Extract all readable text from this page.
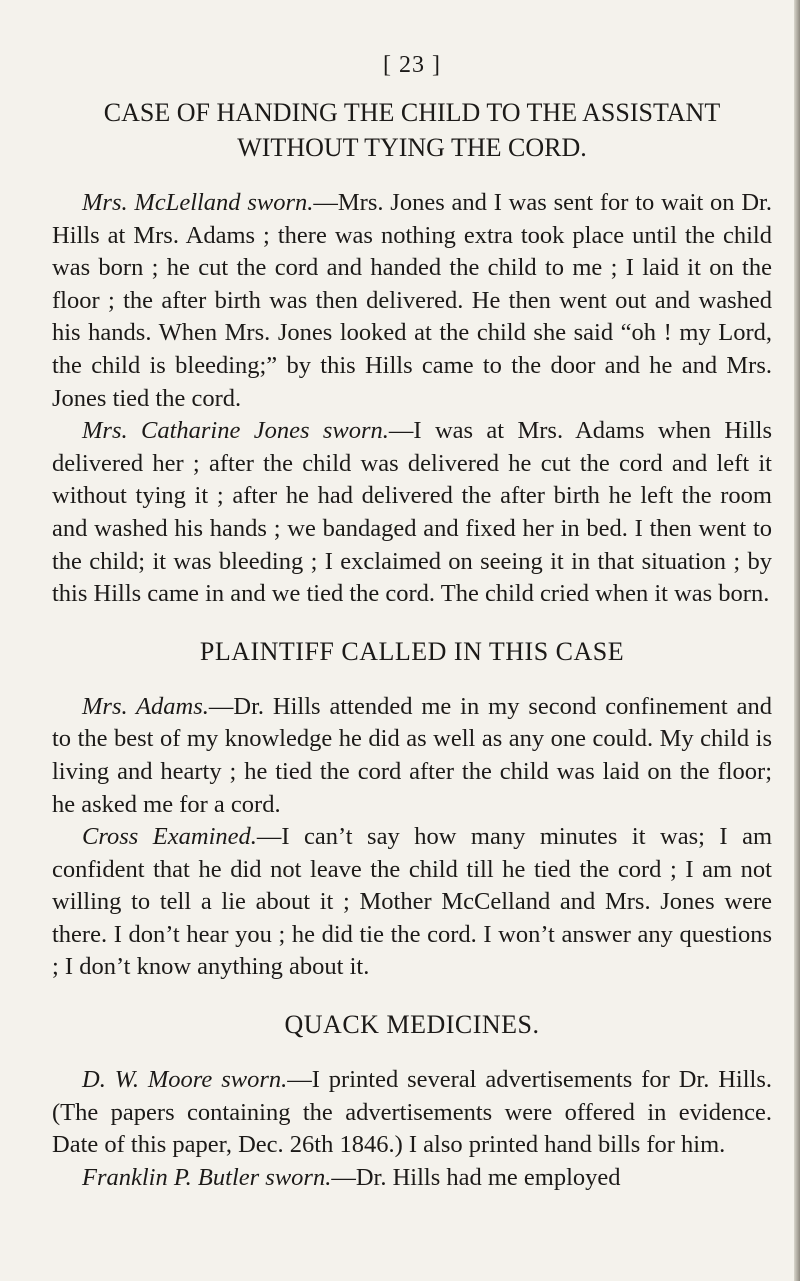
[ 23 ]
CASE OF HANDING THE CHILD TO THE ASSISTANT WITHOUT TYING THE CORD.

Mrs. McLelland sworn.—Mrs. Jones and I was sent for to wait on Dr. Hills at Mrs. Adams ; there was nothing extra took place until the child was born ; he cut the cord and handed the child to me ; I laid it on the floor ; the after birth was then delivered. He then went out and washed his hands. When Mrs. Jones looked at the child she said “oh ! my Lord, the child is bleeding;” by this Hills came to the door and he and Mrs. Jones tied the cord.

Mrs. Catharine Jones sworn.—I was at Mrs. Adams when Hills delivered her ; after the child was delivered he cut the cord and left it without tying it ; after he had delivered the after birth he left the room and washed his hands ; we bandaged and fixed her in bed. I then went to the child; it was bleeding ; I exclaimed on seeing it in that situation ; by this Hills came in and we tied the cord. The child cried when it was born.

PLAINTIFF CALLED IN THIS CASE

Mrs. Adams.—Dr. Hills attended me in my second confinement and to the best of my knowledge he did as well as any one could. My child is living and hearty ; he tied the cord after the child was laid on the floor; he asked me for a cord.

Cross Examined.—I can’t say how many minutes it was; I am confident that he did not leave the child till he tied the cord ; I am not willing to tell a lie about it ; Mother McCelland and Mrs. Jones were there. I don’t hear you ; he did tie the cord. I won’t answer any questions ; I don’t know anything about it.

QUACK MEDICINES.

D. W. Moore sworn.—I printed several advertisements for Dr. Hills. (The papers containing the advertisements were offered in evidence. Date of this paper, Dec. 26th 1846.) I also printed hand bills for him.

Franklin P. Butler sworn.—Dr. Hills had me employed
